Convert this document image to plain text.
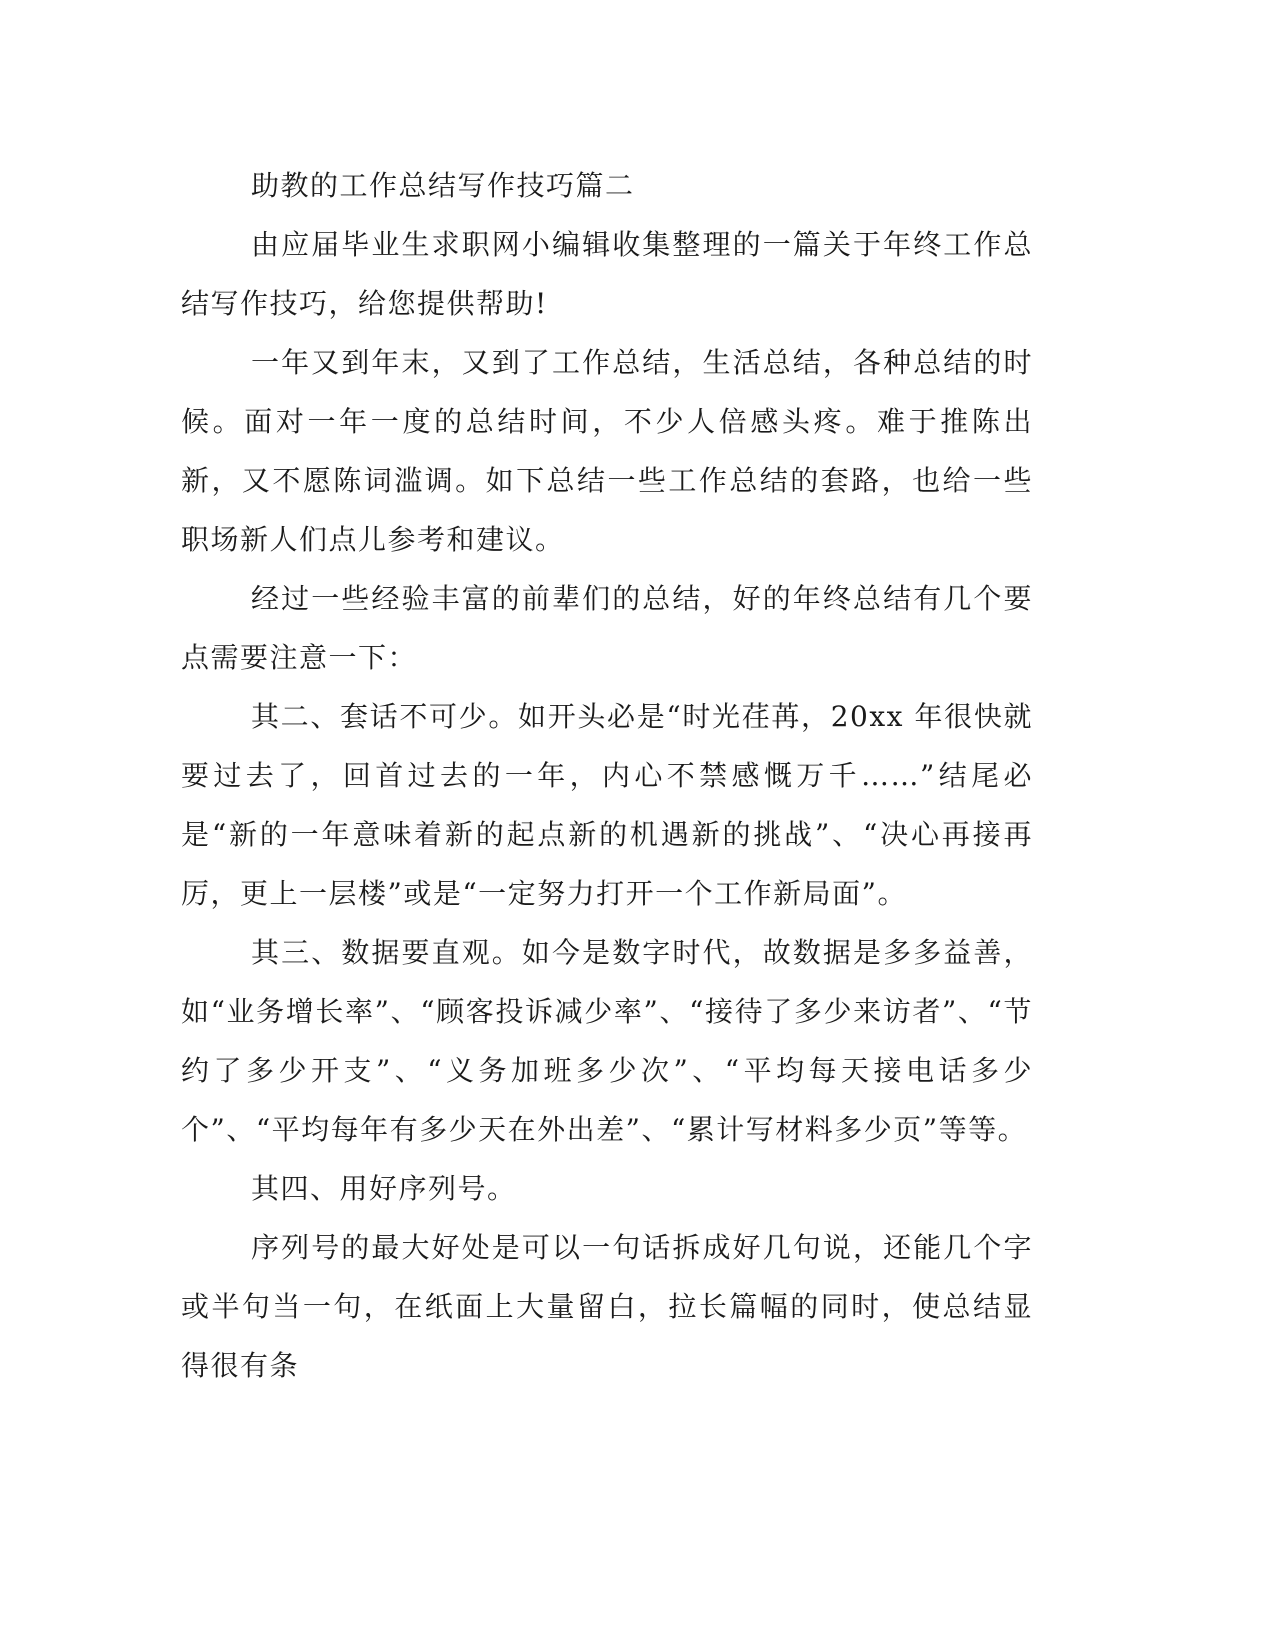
助教的工作总结写作技巧篇二

由应届毕业生求职网小编辑收集整理的一篇关于年终工作总结写作技巧，给您提供帮助!

一年又到年末，又到了工作总结，生活总结，各种总结的时候。面对一年一度的总结时间，不少人倍感头疼。难于推陈出新，又不愿陈词滥调。如下总结一些工作总结的套路，也给一些职场新人们点儿参考和建议。

经过一些经验丰富的前辈们的总结，好的年终总结有几个要点需要注意一下：

其二、套话不可少。如开头必是“时光荏苒，20xx 年很快就要过去了，回首过去的一年，内心不禁感慨万千……”结尾必是“新的一年意味着新的起点新的机遇新的挑战”、“决心再接再厉，更上一层楼”或是“一定努力打开一个工作新局面”。

其三、数据要直观。如今是数字时代，故数据是多多益善，如“业务增长率”、“顾客投诉减少率”、“接待了多少来访者”、“节约了多少开支”、“义务加班多少次”、“平均每天接电话多少个”、“平均每年有多少天在外出差”、“累计写材料多少页”等等。

其四、用好序列号。

序列号的最大好处是可以一句话拆成好几句说，还能几个字或半句当一句，在纸面上大量留白，拉长篇幅的同时，使总结显得很有条
